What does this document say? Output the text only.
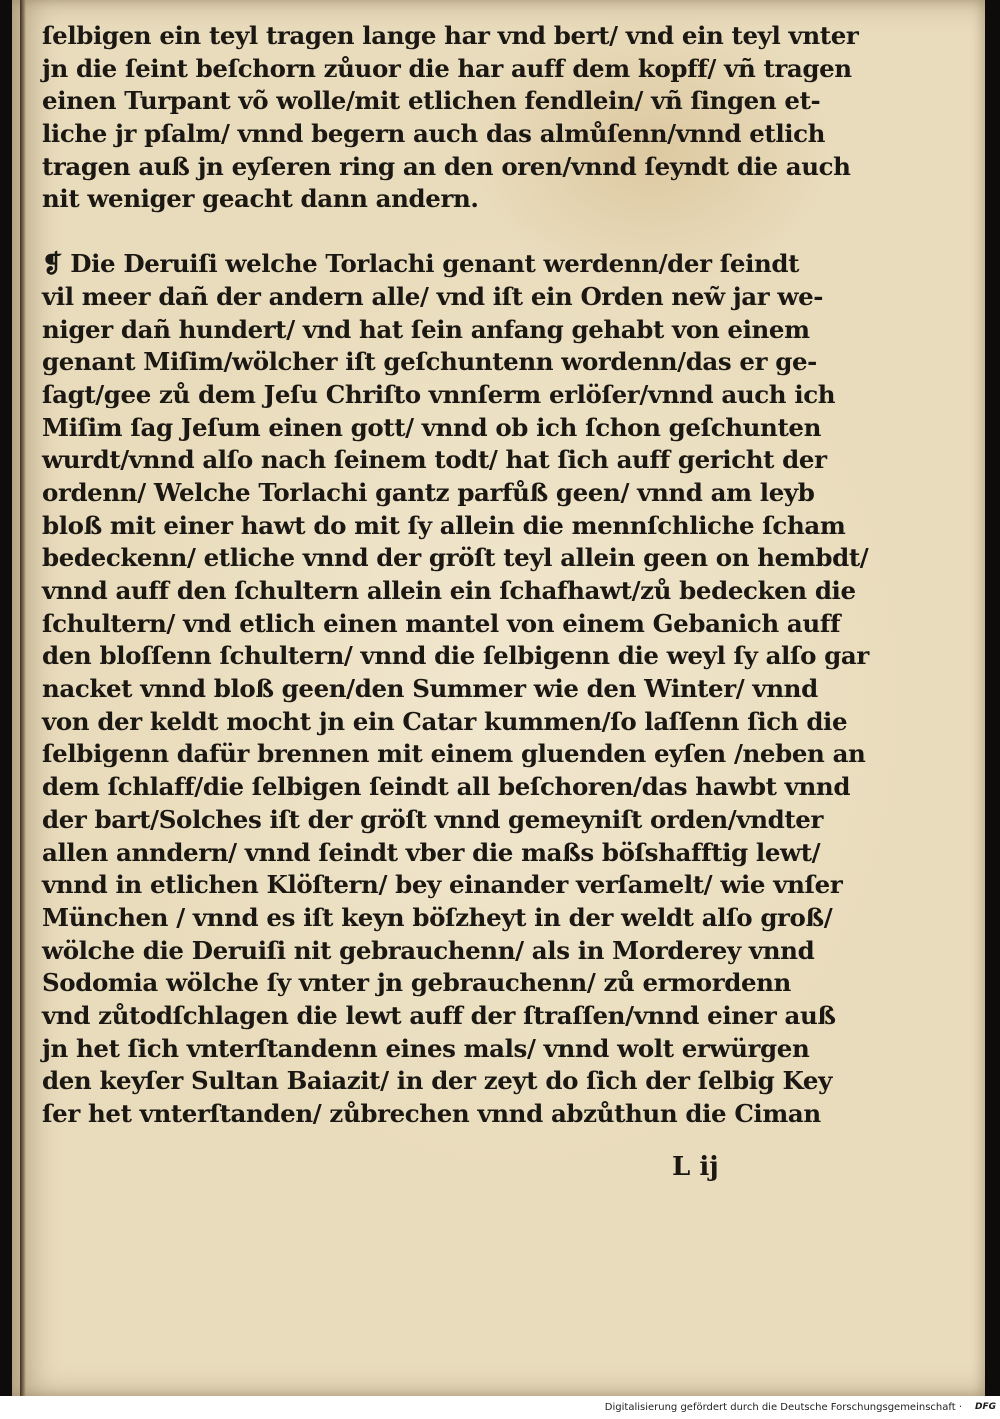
ſelbigen ein teyl tragen lange har vnd bert/ vnd ein teyl vnter
jn die ſeint beſchorn zůuor die har auff dem kopff/ vñ tragen
einen Turpant võ wolle/mit etlichen fendlein/ vñ ſingen et‑
liche jr pſalm/ vnnd begern auch das almůſenn/vnnd etlich
tragen auß jn eyſeren ring an den oren/vnnd ſeyndt die auch
nit weniger geacht dann andern.
❡ Die Deruiſi welche Torlachi genant werdenn/der ſeindt
vil meer dañ der andern alle/ vnd iſt ein Orden new̃ jar we‑
niger dañ hundert/ vnd hat ſein anfang gehabt von einem
genant Miſim/wölcher iſt geſchuntenn wordenn/das er ge‑
ſagt/gee zů dem Jeſu Chriſto vnnſerm erlöſer/vnnd auch ich
Miſim ſag Jeſum einen gott/ vnnd ob ich ſchon geſchunten
wurdt/vnnd alſo nach ſeinem todt/ hat ſich auff gericht der
ordenn/ Welche Torlachi gantz parfůß geen/ vnnd am leyb
bloß mit einer hawt do mit ſy allein die mennſchliche ſcham
bedeckenn/ etliche vnnd der gröſt teyl allein geen on hembdt/
vnnd auff den ſchultern allein ein ſchafhawt/zů bedecken die
ſchultern/ vnd etlich einen mantel von einem Gebanich auff
den bloſſenn ſchultern/ vnnd die ſelbigenn die weyl ſy alſo gar
nacket vnnd bloß geen/den Summer wie den Winter/ vnnd
von der keldt mocht jn ein Catar kummen/ſo laſſenn ſich die
ſelbigenn dafür brennen mit einem gluenden eyſen /neben an
dem ſchlaff/die ſelbigen ſeindt all beſchoren/das hawbt vnnd
der bart/Solches iſt der gröſt vnnd gemeyniſt orden/vndter
allen anndern/ vnnd ſeindt vber die maßs böſshafftig lewt/
vnnd in etlichen Klöſtern/ bey einander verſamelt/ wie vnſer
München / vnnd es iſt keyn böſzheyt in der weldt alſo groß/
wölche die Deruiſi nit gebrauchenn/ als in Morderey vnnd
Sodomia wölche ſy vnter jn gebrauchenn/ zů ermordenn
vnd zůtodſchlagen die lewt auff der ſtraſſen/vnnd einer auß
jn het ſich vnterſtandenn eines mals/ vnnd wolt erwürgen
den keyſer Sultan Baiazit/ in der zeyt do ſich der ſelbig Key
ſer het vnterſtanden/ zůbrechen vnnd abzůthun die Ciman
L ij
Digitalisierung gefördert durch die Deutsche Forschungsgemeinschaft · DFG
